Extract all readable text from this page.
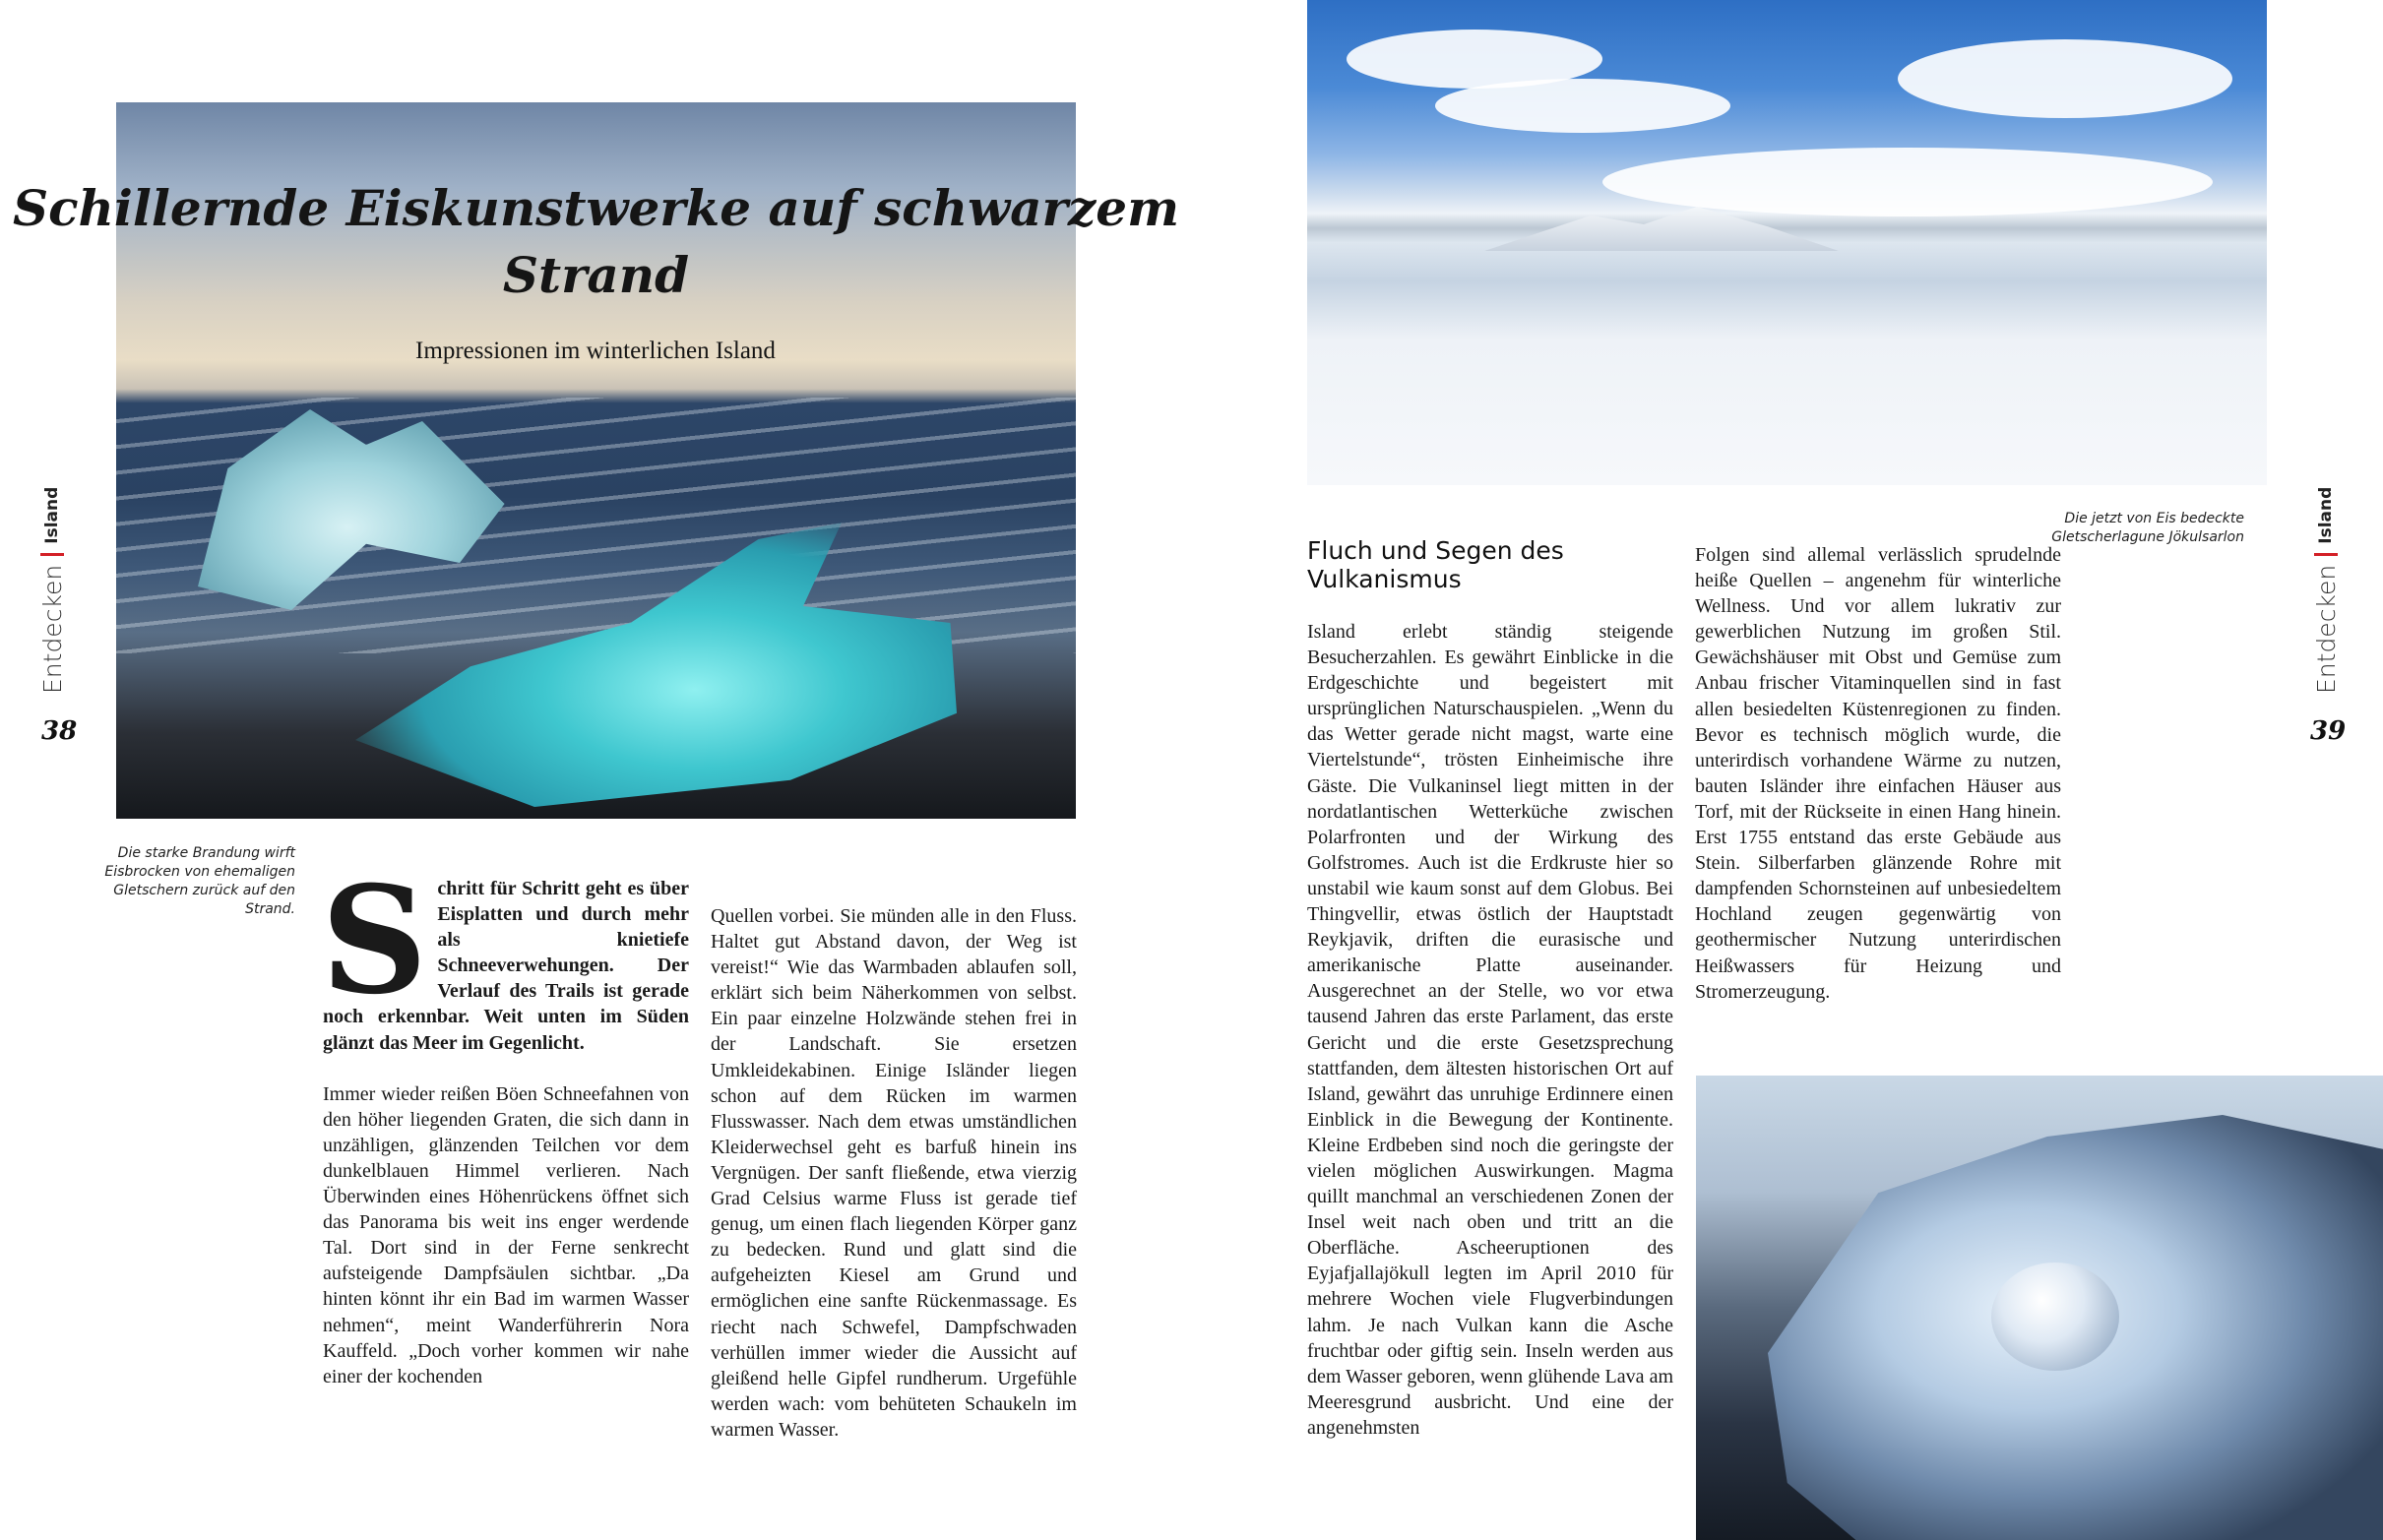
Schillernde Eiskunstwerke auf schwarzem Strand
Impressionen im winterlichen Island
Die starke Brandung wirft Eisbrocken von ehemaligen Gletschern zurück auf den Strand.
Entdecken
Island
38

Schritt für Schritt geht es über Eisplatten und durch mehr als knietiefe Schneeverwehungen. Der Verlauf des Trails ist gerade noch erkennbar. Weit unten im Süden glänzt das Meer im Gegenlicht.

Immer wieder reißen Böen Schneefahnen von den höher liegenden Graten, die sich dann in unzähligen, glänzenden Teilchen vor dem dunkelblauen Himmel verlieren. Nach Überwinden eines Höhenrückens öffnet sich das Panorama bis weit ins enger werdende Tal. Dort sind in der Ferne senkrecht aufsteigende Dampfsäulen sichtbar. „Da hinten könnt ihr ein Bad im warmen Wasser nehmen“, meint Wanderführerin Nora Kauffeld. „Doch vorher kommen wir nahe einer der kochenden

Quellen vorbei. Sie münden alle in den Fluss. Haltet gut Abstand davon, der Weg ist vereist!“ Wie das Warmbaden ablaufen soll, erklärt sich beim Näherkommen von selbst. Ein paar einzelne Holzwände stehen frei in der Landschaft. Sie ersetzen Umkleidekabinen. Einige Isländer liegen schon auf dem Rücken im warmen Flusswasser. Nach dem etwas umständlichen Kleiderwechsel geht es barfuß hinein ins Vergnügen. Der sanft fließende, etwa vierzig Grad Celsius warme Fluss ist gerade tief genug, um einen flach liegenden Körper ganz zu bedecken. Rund und glatt sind die aufgeheizten Kiesel am Grund und ermöglichen eine sanfte Rückenmassage. Es riecht nach Schwefel, Dampfschwaden verhüllen immer wieder die Aussicht auf gleißend helle Gipfel rundherum. Urgefühle werden wach: vom behüteten Schaukeln im warmen Wasser.

Die jetzt von Eis bedeckte Gletscherlagune Jökulsarlon
Fluch und Segen des Vulkanismus

Island erlebt ständig steigende Besucherzahlen. Es gewährt Einblicke in die Erdgeschichte und begeistert mit ursprünglichen Naturschauspielen. „Wenn du das Wetter gerade nicht magst, warte eine Viertelstunde“, trösten Einheimische ihre Gäste. Die Vulkaninsel liegt mitten in der nordatlantischen Wetterküche zwischen Polarfronten und der Wirkung des Golfstromes. Auch ist die Erdkruste hier so unstabil wie kaum sonst auf dem Globus. Bei Thingvellir, etwas östlich der Hauptstadt Reykjavik, driften die eurasische und amerikanische Platte auseinander. Ausgerechnet an der Stelle, wo vor etwa tausend Jahren das erste Parlament, das erste Gericht und die erste Gesetzsprechung stattfanden, dem ältesten historischen Ort auf Island, gewährt das unruhige Erdinnere einen Einblick in die Bewegung der Kontinente. Kleine Erdbeben sind noch die geringste der vielen möglichen Auswirkungen. Magma quillt manchmal an verschiedenen Zonen der Insel weit nach oben und tritt an die Oberfläche. Ascheeruptionen des Eyjafjallajökull legten im April 2010 für mehrere Wochen viele Flugverbindungen lahm. Je nach Vulkan kann die Asche fruchtbar oder giftig sein. Inseln werden aus dem Wasser geboren, wenn glühende Lava am Meeresgrund ausbricht. Und eine der angenehmsten

Folgen sind allemal verlässlich sprudelnde heiße Quellen – angenehm für winterliche Wellness. Und vor allem lukrativ zur gewerblichen Nutzung im großen Stil. Gewächshäuser mit Obst und Gemüse zum Anbau frischer Vitaminquellen sind in fast allen besiedelten Küstenregionen zu finden. Bevor es technisch möglich wurde, die unterirdisch vorhandene Wärme zu nutzen, bauten Isländer ihre einfachen Häuser aus Torf, mit der Rückseite in einen Hang hinein. Erst 1755 entstand das erste Gebäude aus Stein. Silberfarben glänzende Rohre mit dampfenden Schornsteinen auf unbesiedeltem Hochland zeugen gegenwärtig von geothermischer Nutzung unterirdischen Heißwassers für Heizung und Stromerzeugung.

Entdecken
Island
39
